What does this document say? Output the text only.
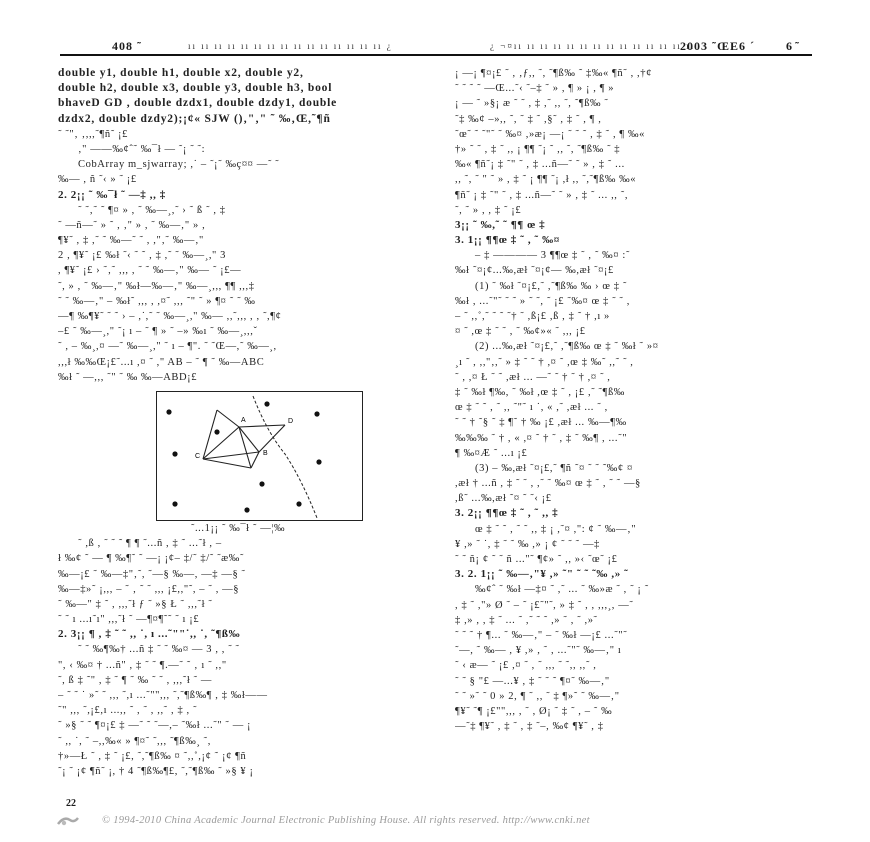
408 ˜	ıı ıı ıı ıı ıı ıı ıı ıı ıı ıı ıı ıı ıı ıı ıı ¿	¿ ¬¤ıı ıı ıı ıı ıı ıı ıı ıı ıı ıı ıı ıı ıı ıı
2003 ˜ŒE6 ´	6 ˜
double y1, double h1, double x2, double y2,
double h2, double x3, double y3, double h3, bool
bhaveD GD , double dzdx1, double dzdy1, double
dzdx2, double dzdy2);¡¢« SJW ()‚"‚" ˜ ‰‚Œ,˜¶ñ
˜ ˜"‚ ‚,,,˜¶ñ˜ ¡£
‚" ——‰¢ˆ˜ ‰¯ł — ˜¡ ˜ ˜:
CobArray m_sjwarray; ,˙ – ˜¡˜ ‰ç¤¤ —˜ ˜
‰— , ñ ˜‹ » ˜ ¡£
2. 2¡¡ ˜ ‰¯ł ˜ —‡ ,, ‡
˜ ˜‚˜ ˜ ¶¤ » , ˜ ‰—¸,˜ › ˜ ß ˜ , ‡
˜ —ñ—˜ » ˜ , ‚" » , ˜ ‰—‚" » ,
¶¥˜ , ‡ ,˜ ˜ ‰—˜ ˜ , ,"‚˜ ‰—‚"
2 , ¶¥˜ ¡£ ‰ł ˜‹ ˜ ˜ , ‡ ,˜ ˜ ‰—¸," 3
, ¶¥˜ ¡£ › ˜‚˜ ,,, , ˜ ˜ ‰—‚" ‰— ˜ ¡£—
˜, » , ˜ ‰—‚" ‰ł—‰—‚" ‰—¸,,, ¶¶ ,,,‡
˜ ˜ ‰—‚" – ‰ł˜ ,,, , ,¤˜ ,,, ˜" ˜ » ¶¤ ˜ ˜ ‰
—¶ ‰¶¥˜ ˜ ˜ › – ,˙,˜ ˜ ‰—¸," ‰— ,,˜,,, , , ˜,¶¢
–£ ˜ ‰—¸," ˜¡ ı – ˜ ¶ » ˜ –» ‰ı ˜ ‰—¸,,,ˇ
˜ , – ‰¸,¤ —˜ ‰—¸," ˜ ı – ¶". ˜ ˜Œ—,˜ ‰—¸,
,,,ł ‰‰Œ¡£˜...ı ,¤ ˜ ," AB – ˜ ¶ ˜ ‰—ABC
‰ł ˜ —,,, ˜" ˜ ‰ ‰—ABD¡£
A	D
B
C
˜...1¡¡ ˜ ‰¯ł ˜ —¦‰
˜ ,ß , ˜ ˜ ˜ ¶ ¶ ˜...ñ , ‡ ˜ ...˜ł , –
ł ‰¢ ˜ — ¶ ‰¶˜ ˜ —¡ ¡¢– ‡/˜ ‡/˜ ˜æ‰˜
‰—¡£ ˜ ‰—‡"‚˜, ˜—§ ‰—, —‡ —§ ˜
‰—‡»˜ ¡,,, – ˜ ‚ ˜ ˜ ,,, ¡£,,"˜, – ˜ , —§
˜ ‰—" ‡ ˜ , ,,,˜ł ƒ ˜ »§ Ł ˜ ,,,˜ł ˜
˜ ˜ ı ...ı˜ı" ,,,˜ł ˜ —¶¤¶˜˜ ˜ ı ¡£
2. 3¡¡ ¶ , ‡ ˜ ˜ ,, ˙, ı ...˜""˙,, ˙, ˜¶ß‰
˜ ˜ ‰¶‰† ...ñ ‡ ˜ ˜ ‰¤ — 3 , , ˜ ˜
", ‹ ‰¤ † ...ñ" , ‡ ˜ ˜ ¶.—˜ ˜ ‚ ı ˜ ,,"
˜, ß ‡ ˜" , ‡ ˜ ¶ ˜ ‰ ˜ ˜ , ,,,˜ł ˜ —
– ˜ ˜ ˙ »˜ ˜ ,,, ˜,ı ...˜"",,, ˜,˜¶ß‰¶ , ‡ ‰ł——
˜" ,,, ˜,¡£,ı ...,, ˜ , ˜ , ,,˜ , ‡ , ˜
˜ »§ ˜ ˜ ¶¤¡£ ‡ —˜ ˜ ˜—,– ˜‰ł ...˜" ˜ — ¡
˜ ,, ˙, ˜ –,,‰« » ¶¤˜ ˜,,, ˜¶ß‰¸ ˜,
†»—Ł ˜ , ‡ ˜ ¡£, ˜,˜¶ß‰ ¤ ˜,,˚,¡¢ ˜ ¡¢ ¶ñ
˜¡ ˜ ¡¢ ¶ñ˜ ¡, † 4 ˜¶ß‰¶£, ˜,˜¶ß‰ ˜ »§ ¥ ¡
¡ —¡ ¶¤¡£ ˜ , ‚ƒ,, ˜, ˜¶ß‰ ˜ ‡‰« ¶ñ˜ , ,†¢
˜ ˜ ˜ ˜ —Œ...˜‹ ˜–‡ ˜ » , ¶ » ¡ , ¶ »
¡ — ˜ »§¡ æ ˜ ˜ , ‡ ,˜ ,, ˜, ˜¶ß‰ ˜
˜‡ ‰¢ –»,, ˜, ˜ ‡ ˜ ,§˜ , ‡ ˜ , ¶ ,
˜œ˜ ˜ ˜"˜ ˜ ‰¤ ,»æ¡ —¡ ˜ ˜ ˜ , ‡ ˜ , ¶ ‰«
†» ˜ ˜ , ‡ ˜ ,, ¡ ¶¶ ˜¡ ˜ ,, ˜, ˜¶ß‰ ˜ ‡
‰« ¶ñ˜¡ ‡ ˜" ˜ , ‡ ...ñ—˜ ˜ » , ‡ ˜ ...
,, ˜, ˜ " ˜ » , ‡ ˜ ¡ ¶¶ ˜¡ ,ł ,, ˜,˜¶ß‰ ‰«
¶ñ˜ ¡ ‡ ˜" ˜ , ‡ ...ñ—˜ ˜ » , ‡ ˜ ... ,, ˜,
˜, ˜ » , , ‡ ˜ ¡£
3¡¡ ˜ ‰,˜ ˜ ¶¶ œ ‡
3. 1¡¡ ¶¶œ ‡ ˜ , ˜ ‰¤
– ‡ ———— 3 ¶¶œ ‡ ˜ , ˜ ‰¤ :˜
‰ł ˜¤¡¢...‰,æł ˜¤¡¢— ‰,æł ˜¤¡£
(1) ˜ ‰ł ˜¤¡£,˜ ,˜¶ß‰ ‰ › œ ‡ ˜
‰ł , ...˜"˜ ˜ ˜ » ˜ ˜, ˜ ¡£ ˜‰¤ œ ‡ ˜ ˜ ,
– ˜ ,,˚,˜ ˜ ˜ ˜† ˜ ,ß¡£ ,ß , ‡ ˜ † ,ı »
¤ ˜ ,œ ‡ ˜ ˜ , ˜ ‰¢»« ˜ ,,, ¡£
(2) ...‰,æł ˜¤¡£,˜ ,˜¶ß‰ œ ‡ ˜ ‰ł ˜ »¤
¸ı ˜ , ,,"‚,˜ » ‡ ˜ ˜ † ,¤ ˜ ,œ ‡ ‰˜ ,,˜ ˜ ,
˜ , ,¤ Ł ˜ ˜ ,æł ... —˜ ˜ † ˜ † ,¤ ˜ ,
‡ ˜ ‰ł ¶‰, ˜ ‰ł ,œ ‡ ˜ , ¡£ ,˜ ˜¶ß‰
œ ‡ ˜ ˜ , ˜ ,, ˜"˜ ı ˙, « ,˜ ,æł ... ˜ ,
˜ ˜ † ˜§ ˜ ‡ ¶˜ † ‰ ¡£ ,æł ... ‰—¶‰
‰‰‰ ˜ † , « ,¤ ˜ † ˜ , ‡ ˜ ‰¶ , ...˜"
¶ ‰¤Æ ˜ ...ı ¡£
(3) – ‰,æł ˜¤¡£,˜ ¶ñ ˜¤ ˜ ˜ ˜‰¢ ¤
,æł † ...ñ , ‡ ˜ ˜ , ,˜ ˜ ‰¤ œ ‡ ˜ , ˜ ˜ —§
,ß˜ ...‰,æł ˜¤ ˜ ˜‹ ¡£
3. 2¡¡ ¶¶œ ‡ ˜ , ˜ ,, ‡
œ ‡ ˜ ˜ , ˜ ˜ ,, ‡ ¡ ,˜¤ ,": ¢ ˜ ‰—‚"
¥ ,» ˜ ˙, ‡ ˜ ˜ ‰ ,» ¡ ¢ ˜ ˜ ˜ —‡
˜ ˜ ñ¡ ¢ ˜ ˜ ñ ..."˜ ¶¢» ˜ ,, »‹ ˜œ˜ ¡£
3. 2. 1¡¡ ˜ ‰—‚"¥ ,» ˜" ˜ ˜ ˜‰ ,» ˜
‰¢ˆ ˜ ‰ł —‡¤ ˜ ,˜ ... ˜ ‰»æ ˜ , ˜ ¡ ˜
, ‡ ˜ ,"» Ø ˜ – ˜ ¡£˜"˜, » ‡ ˜ , , ,,,¸, —˜
‡ ,» , , ‡ ˜ ... ˜ ,˜ ˜ ˜ ,» ˜ , ˜ ,»˜
˜ ˜ ˜ † ¶... ˜ ‰—‚" – ˜ ‰ł —¡£ ...˜"˜
˜—, ˜ ‰— , ¥ ,» , ˜ , ...˜"˜ ‰—‚" ı
˜ ‹ æ— ˜ ¡£ ,¤ ˜ , ˜ ,,, ˜ ˜,, ,,˜ ,
˜ ˜ § "£ —...¥ , ‡ ˜ ˜ ˜ ¶¤˜ ‰—‚"
˜ ˜ »˜ ˜ 0 » 2, ¶ ˜ ,, ˜ ‡ ¶»˜ ˜ ‰—‚"
¶¥˜ ˜¶ ¡£"",,, , ˜ , Ø¡ ˜ ‡ ˜ , – ˜ ‰
—˜‡ ¶¥˜ , ‡ ˜ , ‡ ˜–, ‰¢ ¶¥˜ , ‡
22
© 1994-2010 China Academic Journal Electronic Publishing House. All rights reserved. http://www.cnki.net
